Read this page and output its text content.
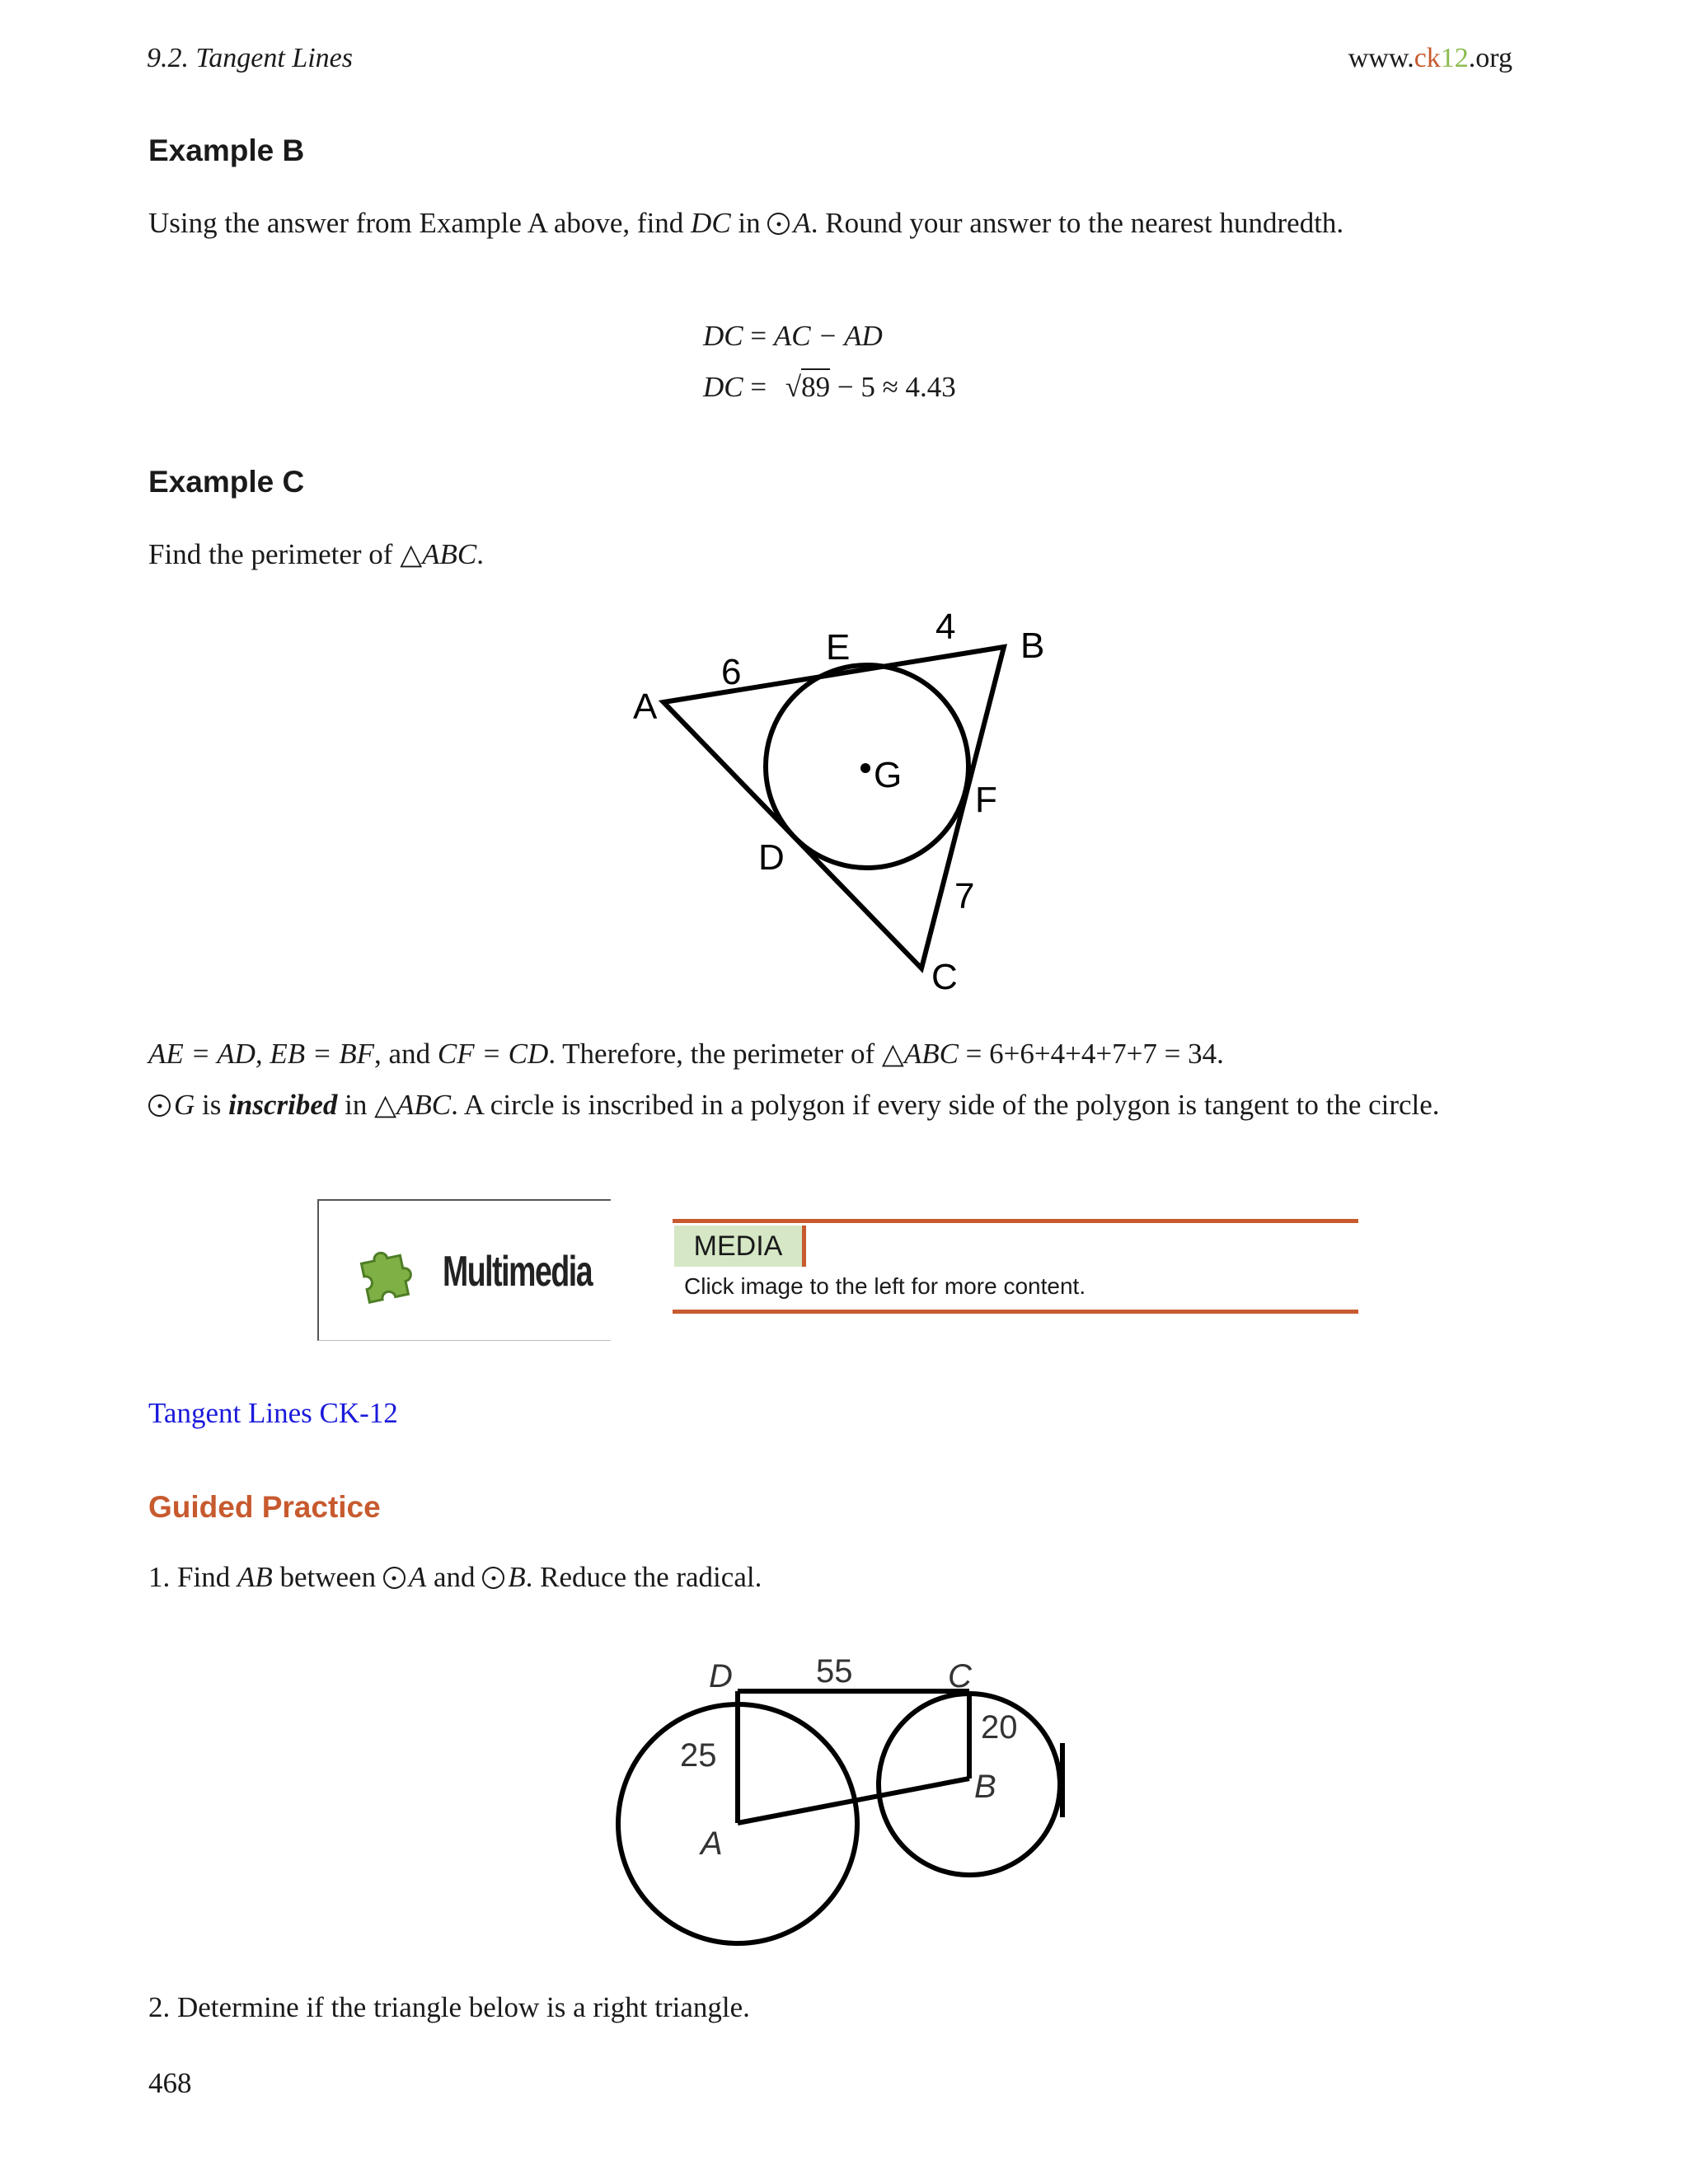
9.2. Tangent Lines	www.ck12.org
Example B
Using the answer from Example A above, find DC in A. Round your answer to the nearest hundredth.
DC = AC − AD
DC = √89 − 5 ≈ 4.43
Example C
Find the perimeter of △ABC.
A
B
C
D
E
F
G
6
4
7
AE = AD, EB = BF, and CF = CD. Therefore, the perimeter of △ABC = 6+6+4+4+7+7 = 34.
G is inscribed in △ABC. A circle is inscribed in a polygon if every side of the polygon is tangent to the circle.
Multimedia
MEDIA
Click image to the left for more content.
Tangent Lines CK-12
Guided Practice
1. Find AB between A and B. Reduce the radical.
D	C
A
B
55
25
20
2. Determine if the triangle below is a right triangle.
468
